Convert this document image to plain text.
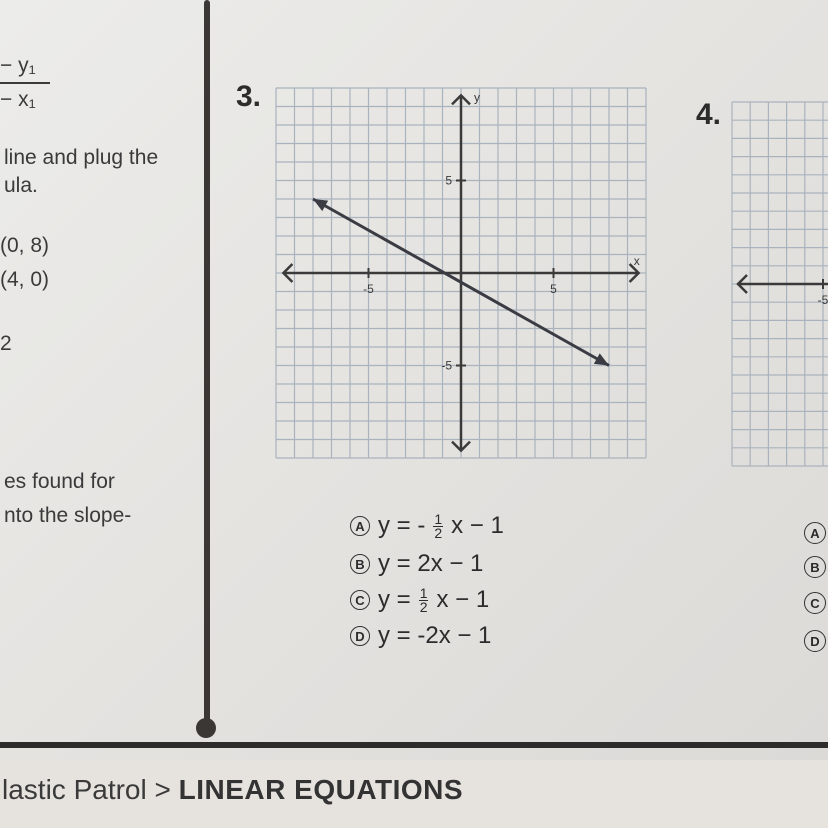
− y₁
− x₁
line and plug the
ula.
(0, 8)
(4, 0)
2
es found for
nto the slope-
3.
5
-5
-5	5
y
x
A y = - $\frac{1}{2}$ x − 1
B y = 2x − 1
C $y = \frac{1}{2}$ x − 1
D y = -2x − 1
4.
-5
A
B
C
D
lastic Patrol > LINEAR EQUATIONS
